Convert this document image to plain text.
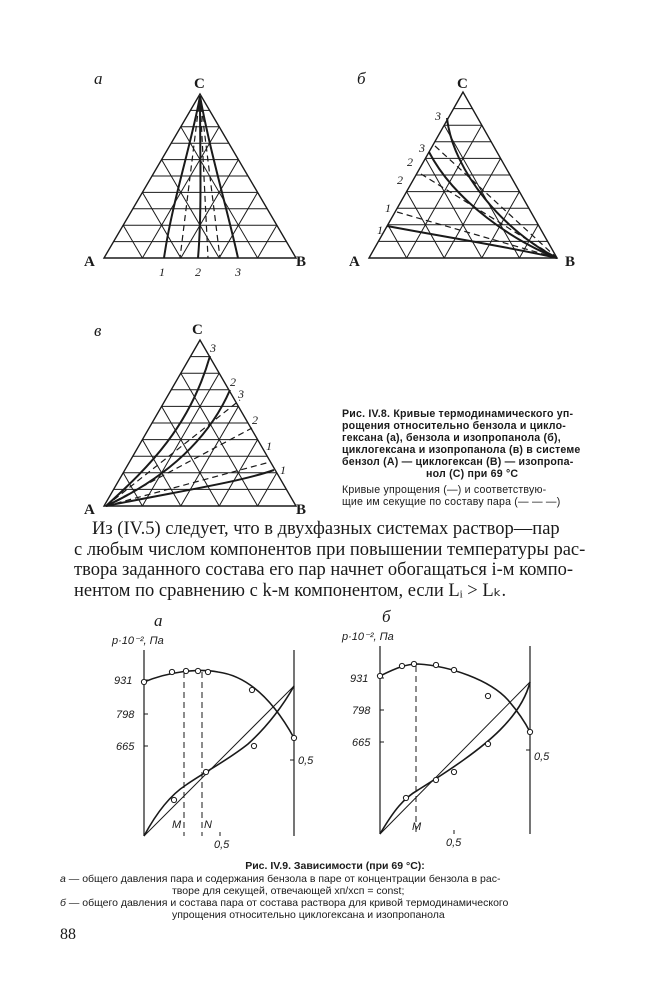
а	C
A	B
1	2	3
б	C
A	B
1
1
2
2
3
3
в	C
A	B
3
2
3
2
1
1
Рис. IV.8. Кривые термодинамического уп-
рощения относительно бензола и цикло-
гексана (а), бензола и изопропанола (б),
циклогексана и изопропанола (в) в системе
бензол (A) — циклогексан (B) — изопропа-
нол (C) при 69 °С
Кривые упрощения (—) и соответствую-
щие им секущие по составу пара (— — —)
Из (IV.5) следует, что в двухфазных системах раствор—пар
с любым числом компонентов при повышении температуры рас-
твора заданного состава его пар начнет обогащаться i-м компо-
нентом по сравнению с k-м компонентом, если Lᵢ > Lₖ.
а
p·10⁻², Па
931
798
665
0,5
0,5
M N
б
p·10⁻², Па
931
798
665
0,5
0,5
M
Рис. IV.9. Зависимости (при 69 °С):
а — общего давления пара и содержания бензола в паре от концентрации бензола в рас-
творе для секущей, отвечающей xп/xсп = const;
б — общего давления и состава пара от состава раствора для кривой термодинамического
упрощения относительно циклогексана и изопропанола
88
